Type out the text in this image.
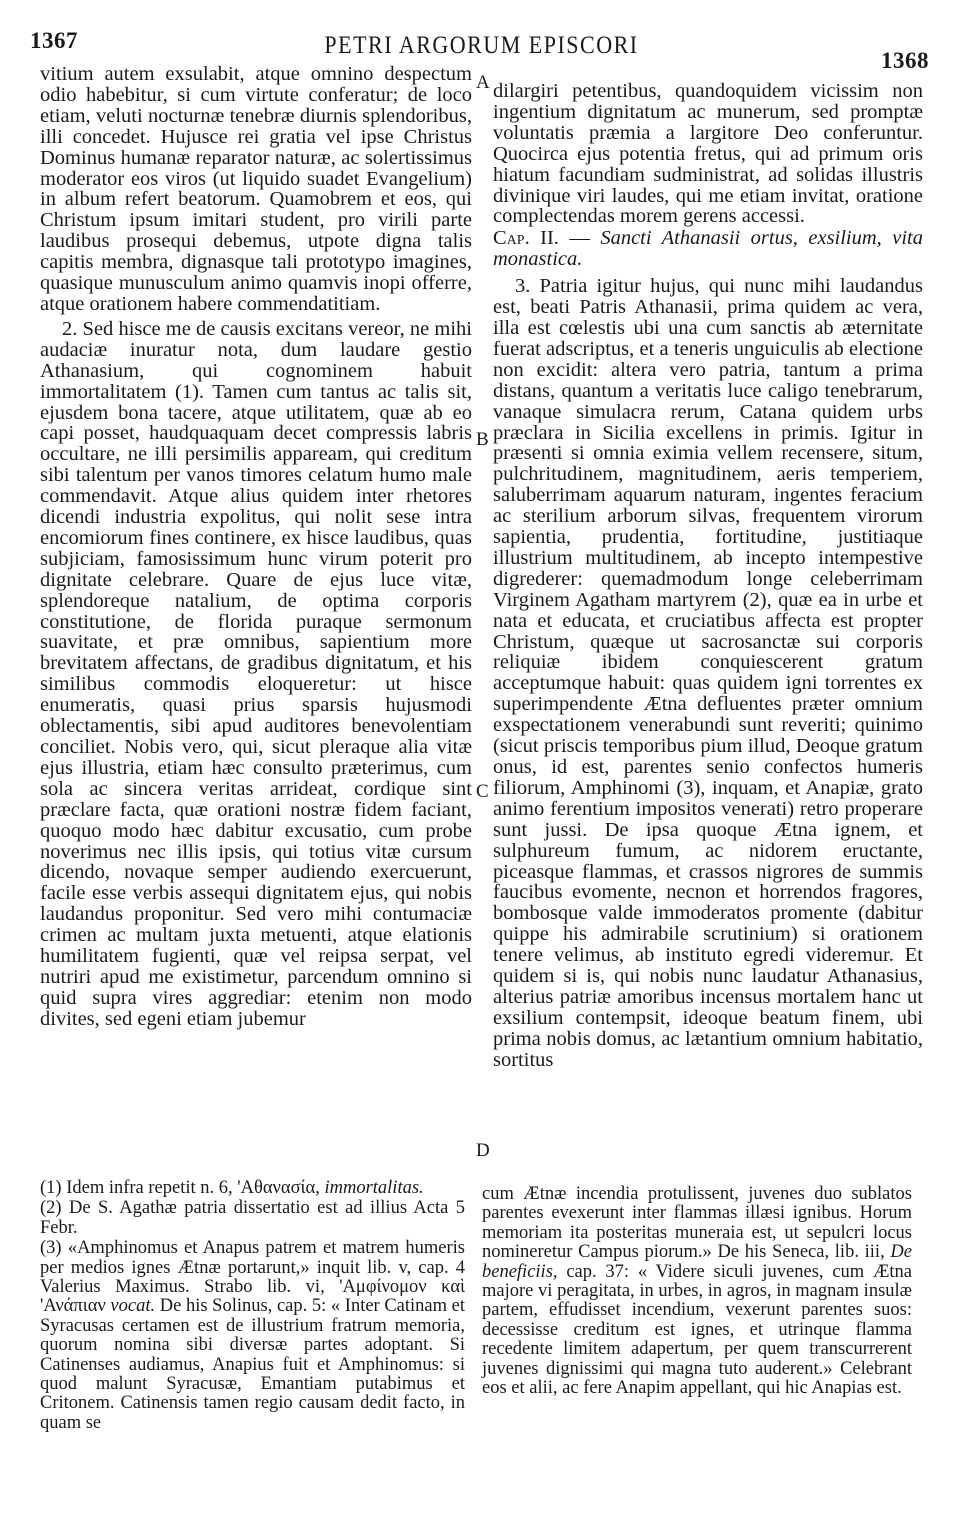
1367	PETRI ARGORUM EPISCORI
1368
A
B
C
D

vitium autem exsulabit, atque omnino despectum odio habebitur, si cum virtute conferatur; de loco etiam, veluti nocturnæ tenebræ diurnis splendoribus, illi concedet. Hujusce rei gratia vel ipse Christus Dominus humanæ reparator naturæ, ac solertissimus moderator eos viros (ut liquido suadet Evangelium) in album refert beatorum. Quamobrem et eos, qui Christum ipsum imitari student, pro virili parte laudibus prosequi debemus, utpote digna talis capitis membra, dignasque tali prototypo imagines, quasique munusculum animo quamvis inopi offerre, atque orationem habere commendatitiam.

2. Sed hisce me de causis excitans vereor, ne mihi audaciæ inuratur nota, dum laudare gestio Athanasium, qui cognominem habuit immortalitatem (1). Tamen cum tantus ac talis sit, ejusdem bona tacere, atque utilitatem, quæ ab eo capi posset, haudquaquam decet compressis labris occultare, ne illi persimilis appaream, qui creditum sibi talentum per vanos timores celatum humo male commendavit. Atque alius quidem inter rhetores dicendi industria expolitus, qui nolit sese intra encomiorum fines continere, ex hisce laudibus, quas subjiciam, famosissimum hunc virum poterit pro dignitate celebrare. Quare de ejus luce vitæ, splendoreque natalium, de optima corporis constitutione, de florida puraque sermonum suavitate, et præ omnibus, sapientium more brevitatem affectans, de gradibus dignitatum, et his similibus commodis eloqueretur: ut hisce enumeratis, quasi prius sparsis hujusmodi oblectamentis, sibi apud auditores benevolentiam conciliet. Nobis vero, qui, sicut pleraque alia vitæ ejus illustria, etiam hæc consulto præterimus, cum sola ac sincera veritas arrideat, cordique sint præclare facta, quæ orationi nostræ fidem faciant, quoquo modo hæc dabitur excusatio, cum probe noverimus nec illis ipsis, qui totius vitæ cursum dicendo, novaque semper audiendo exercuerunt, facile esse verbis assequi dignitatem ejus, qui nobis laudandus proponitur. Sed vero mihi contumaciæ crimen ac multam juxta metuenti, atque elationis humilitatem fugienti, quæ vel reipsa serpat, vel nutriri apud me existimetur, parcendum omnino si quid supra vires aggrediar: etenim non modo divites, sed egeni etiam jubemur

dilargiri petentibus, quandoquidem vicissim non ingentium dignitatum ac munerum, sed promptæ voluntatis præmia a largitore Deo conferuntur. Quocirca ejus potentia fretus, qui ad primum oris hiatum facundiam sudministrat, ad solidas illustris divinique viri laudes, qui me etiam invitat, oratione complectendas morem gerens accessi.

Cap. II. — Sancti Athanasii ortus, exsilium, vita monastica.

3. Patria igitur hujus, qui nunc mihi laudandus est, beati Patris Athanasii, prima quidem ac vera, illa est cœlestis ubi una cum sanctis ab æternitate fuerat adscriptus, et a teneris unguiculis ab electione non excidit: altera vero patria, tantum a prima distans, quantum a veritatis luce caligo tenebrarum, vanaque simulacra rerum, Catana quidem urbs præclara in Sicilia excellens in primis. Igitur in præsenti si omnia eximia vellem recensere, situm, pulchritudinem, magnitudinem, aeris temperiem, saluberrimam aquarum naturam, ingentes feracium ac sterilium arborum silvas, frequentem virorum sapientia, prudentia, fortitudine, justitiaque illustrium multitudinem, ab incepto intempestive digrederer: quemadmodum longe celeberrimam Virginem Agatham martyrem (2), quæ ea in urbe et nata et educata, et cruciatibus affecta est propter Christum, quæque ut sacrosanctæ sui corporis reliquiæ ibidem conquiescerent gratum acceptumque habuit: quas quidem igni torrentes ex superimpendente Ætna defluentes præter omnium exspectationem venerabundi sunt reveriti; quinimo (sicut priscis temporibus pium illud, Deoque gratum onus, id est, parentes senio confectos humeris filiorum, Amphinomi (3), inquam, et Anapiæ, grato animo ferentium impositos venerati) retro properare sunt jussi. De ipsa quoque Ætna ignem, et sulphureum fumum, ac nidorem eructante, piceasque flammas, et crassos nigrores de summis faucibus evomente, necnon et horrendos fragores, bombosque valde immoderatos promente (dabitur quippe his admirabile scrutinium) si orationem tenere velimus, ab instituto egredi videremur. Et quidem si is, qui nobis nunc laudatur Athanasius, alterius patriæ amoribus incensus mortalem hanc ut exsilium contempsit, ideoque beatum finem, ubi prima nobis domus, ac lætantium omnium habitatio, sortitus

(1) Idem infra repetit n. 6, 'Αθανασία, immortalitas.

(2) De S. Agathæ patria dissertatio est ad illius Acta 5 Febr.

(3) «Amphinomus et Anapus patrem et matrem humeris per medios ignes Ætnæ portarunt,» inquit lib. v, cap. 4 Valerius Maximus. Strabo lib. vi, 'Αμφίνομον καὶ 'Ανάπιαν vocat. De his Solinus, cap. 5: « Inter Catinam et Syracusas certamen est de illustrium fratrum memoria, quorum nomina sibi diversæ partes adoptant. Si Catinenses audiamus, Anapius fuit et Amphinomus: si quod malunt Syracusæ, Emantiam putabimus et Critonem. Catinensis tamen regio causam dedit facto, in quam se

cum Ætnæ incendia protulissent, juvenes duo sublatos parentes evexerunt inter flammas illæsi ignibus. Horum memoriam ita posteritas muneraia est, ut sepulcri locus nomineretur Campus piorum.» De his Seneca, lib. iii, De beneficiis, cap. 37: « Videre siculi juvenes, cum Ætna majore vi peragitata, in urbes, in agros, in magnam insulæ partem, effudisset incendium, vexerunt parentes suos: decessisse creditum est ignes, et utrinque flamma recedente limitem adapertum, per quem transcurrerent juvenes dignissimi qui magna tuto auderent.» Celebrant eos et alii, ac fere Anapim appellant, qui hic Anapias est.
